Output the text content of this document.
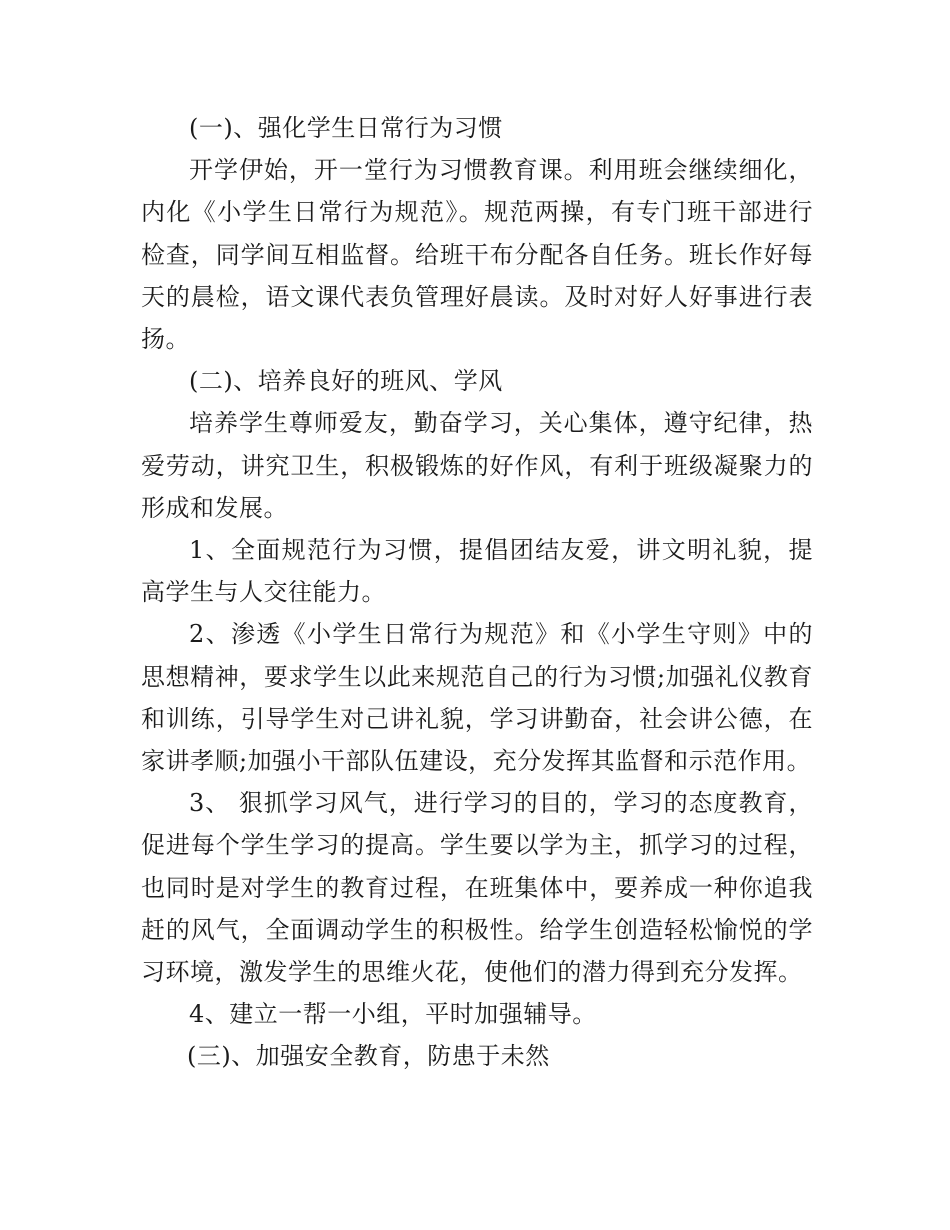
(一)、强化学生日常行为习惯

开学伊始，开一堂行为习惯教育课。利用班会继续细化，内化《小学生日常行为规范》。规范两操，有专门班干部进行检查，同学间互相监督。给班干布分配各自任务。班长作好每天的晨检，语文课代表负管理好晨读。及时对好人好事进行表扬。

(二)、培养良好的班风、学风

培养学生尊师爱友，勤奋学习，关心集体，遵守纪律，热爱劳动，讲究卫生，积极锻炼的好作风，有利于班级凝聚力的形成和发展。

1、全面规范行为习惯，提倡团结友爱，讲文明礼貌，提高学生与人交往能力。

2、渗透《小学生日常行为规范》和《小学生守则》中的思想精神，要求学生以此来规范自己的行为习惯;加强礼仪教育和训练，引导学生对己讲礼貌，学习讲勤奋，社会讲公德，在家讲孝顺;加强小干部队伍建设，充分发挥其监督和示范作用。

3、 狠抓学习风气，进行学习的目的，学习的态度教育，促进每个学生学习的提高。学生要以学为主，抓学习的过程，也同时是对学生的教育过程，在班集体中，要养成一种你追我赶的风气，全面调动学生的积极性。给学生创造轻松愉悦的学习环境，激发学生的思维火花，使他们的潜力得到充分发挥。

4、建立一帮一小组，平时加强辅导。

(三)、加强安全教育，防患于未然
